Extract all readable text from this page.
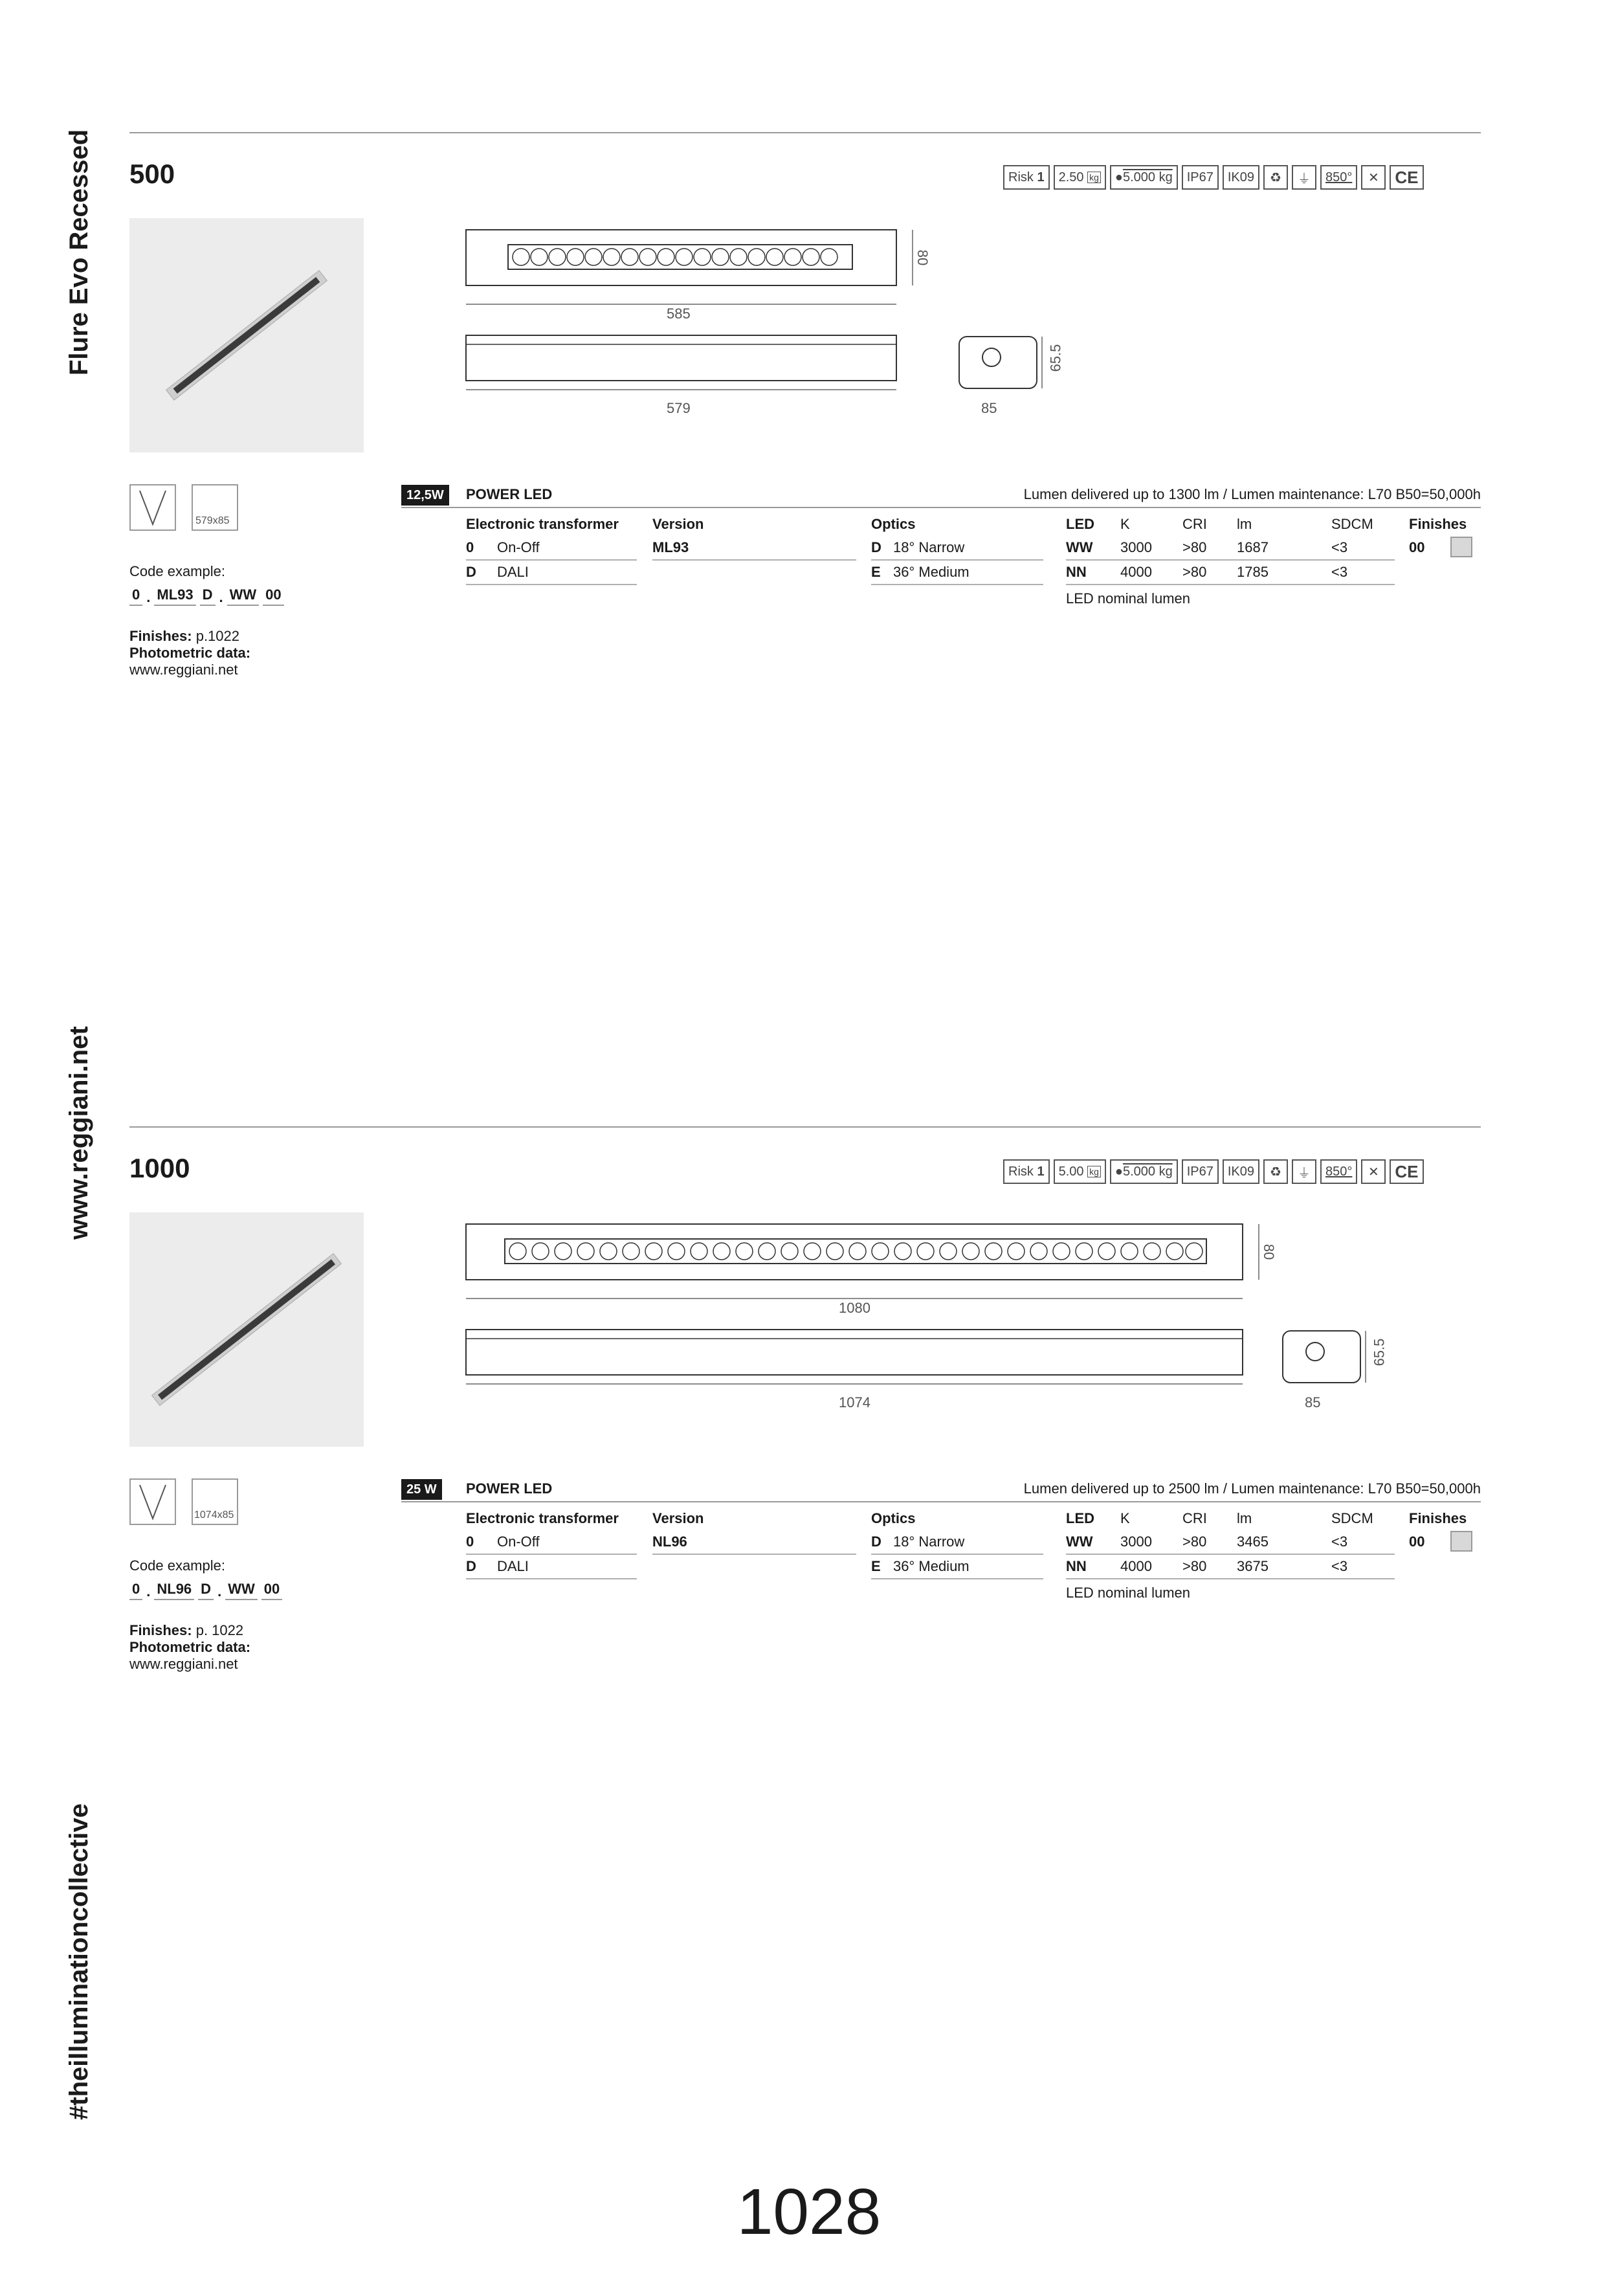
Flure Evo Recessed
www.reggiani.net
#theilluminationcollective
500	Risk
1 2.50
kg	● 5.000 kg	IP67	IK09	♻	⏚	850°	✕ CE
585
80
579	85
65.5
579x85
Code example:
0 . ML93 D . WW 00
Finishes: p.1022
Photometric data:
www.reggiani.net
12,5W	POWER LED	Lumen delivered up to 1300 lm / Lumen maintenance: L70 B50=50,000h
Electronic transformer
0	On-Off
D	DALI
Version
ML93
Optics
D 18° Narrow
E 36° Medium
LED	K	CRI	lm	SDCM
WW	3000	>80	1687	<3
NN	4000	>80	1785	<3
LED nominal lumen
Finishes
00
1000	Risk
1 5.00
kg	● 5.000 kg	IP67	IK09	♻	⏚	850°	✕ CE
1080
80
1074	85
65.5
1074x85
Code example:
0 . NL96 D . WW 00
Finishes: p. 1022
Photometric data:
www.reggiani.net
25 W	POWER LED	Lumen delivered up to 2500 lm / Lumen maintenance: L70 B50=50,000h
Electronic transformer
0	On-Off
D	DALI
Version
NL96
Optics
D 18° Narrow
E 36° Medium
LED	K	CRI	lm	SDCM
WW	3000	>80	3465	<3
NN	4000	>80	3675	<3
LED nominal lumen
Finishes
00
1028
